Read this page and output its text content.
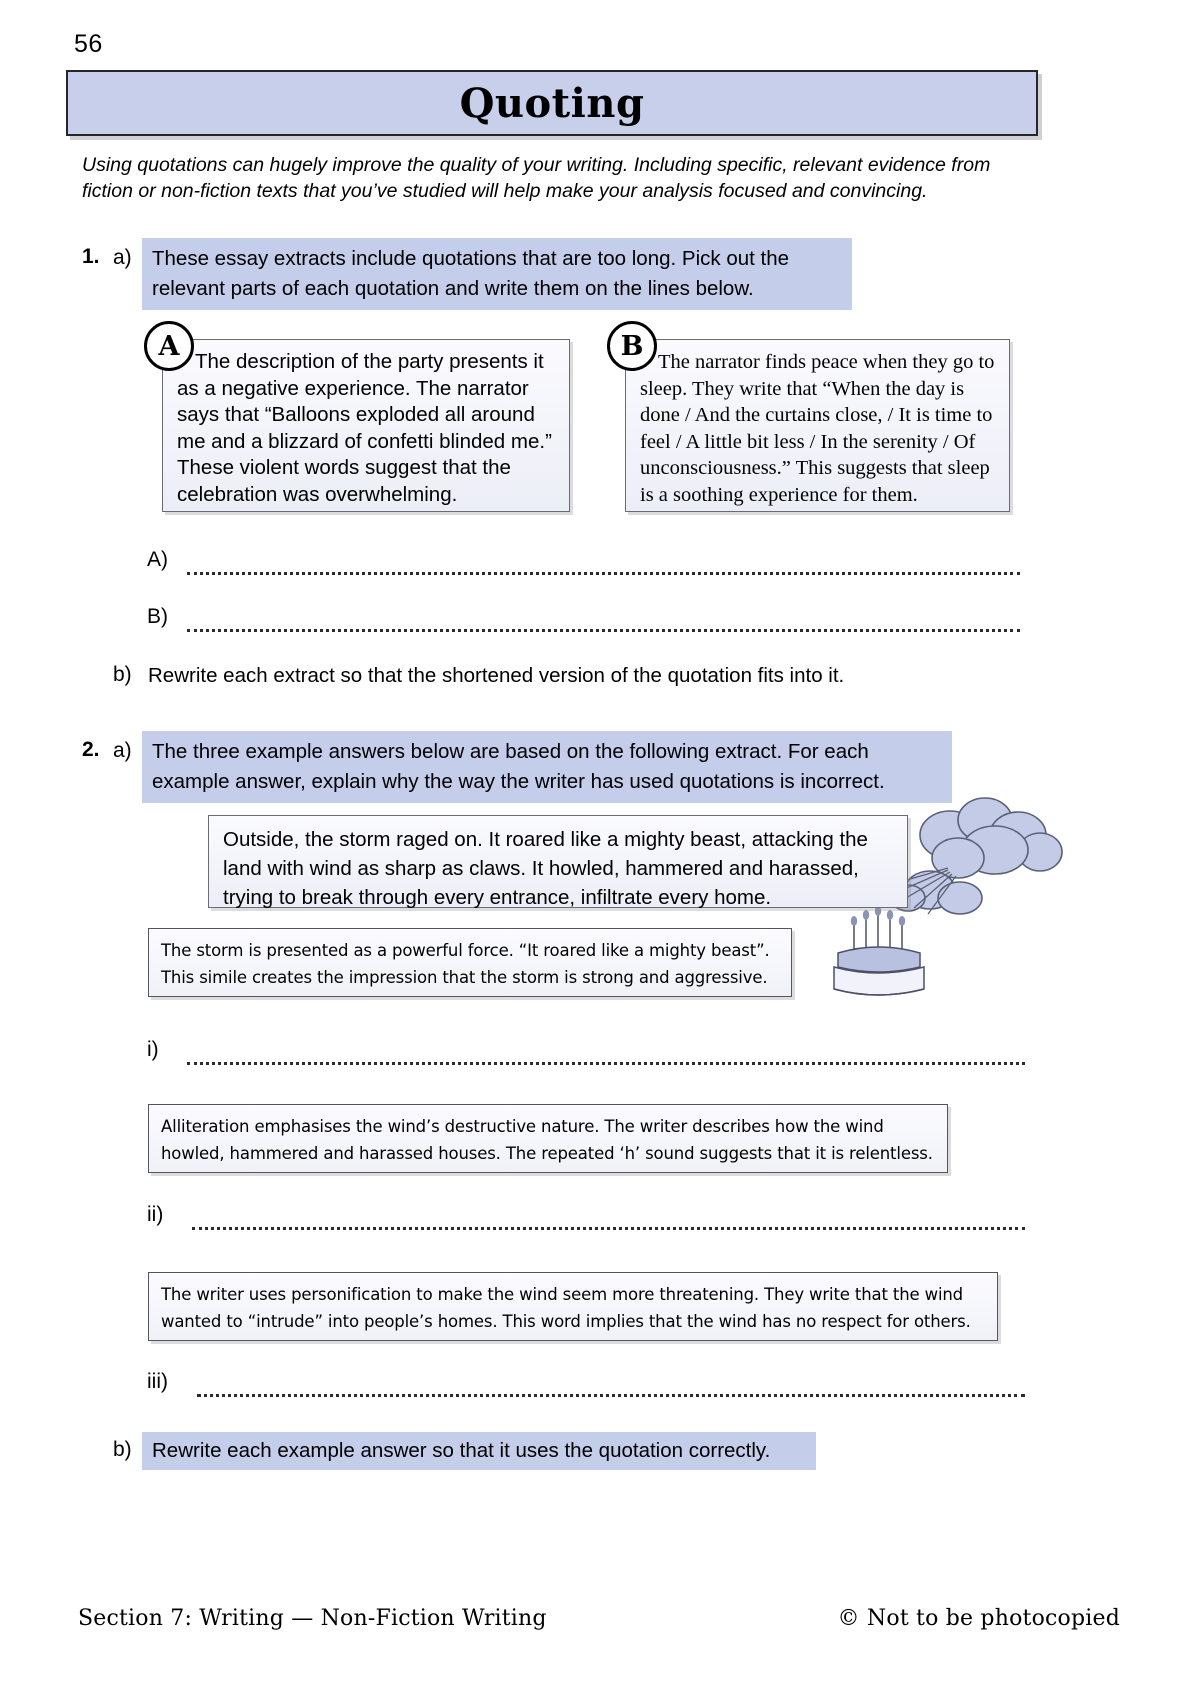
56
Quoting
Using quotations can hugely improve the quality of your writing. Including specific, relevant evidence from fiction or non-fiction texts that you’ve studied will help make your analysis focused and convincing.
1. a) These essay extracts include quotations that are too long. Pick out the relevant parts of each quotation and write them on the lines below.
A The description of the party presents it as a negative experience. The narrator says that “Balloons exploded all around me and a blizzard of confetti blinded me.” These violent words suggest that the celebration was overwhelming.
B
The narrator finds peace when they go to sleep. They write that “When the day is done / And the curtains close, / It is time to feel / A little bit less / In the serenity / Of unconsciousness.” This suggests that sleep is a soothing experience for them.
A)
B)
b) Rewrite each extract so that the shortened version of the quotation fits into it.
2. a) The three example answers below are based on the following extract. For each example answer, explain why the way the writer has used quotations is incorrect.
Outside, the storm raged on. It roared like a mighty beast, attacking the land with wind as sharp as claws. It howled, hammered and harassed, trying to break through every entrance, infiltrate every home.
The storm is presented as a powerful force. “It roared like a mighty beast”. This simile creates the impression that the storm is strong and aggressive.
i)
Alliteration emphasises the wind’s destructive nature. The writer describes how the wind howled, hammered and harassed houses. The repeated ‘h’ sound suggests that it is relentless.
ii)
The writer uses personification to make the wind seem more threatening. They write that the wind wanted to “intrude” into people’s homes. This word implies that the wind has no respect for others.
iii)
b) Rewrite each example answer so that it uses the quotation correctly.
Section 7: Writing — Non-Fiction Writing	© Not to be photocopied
